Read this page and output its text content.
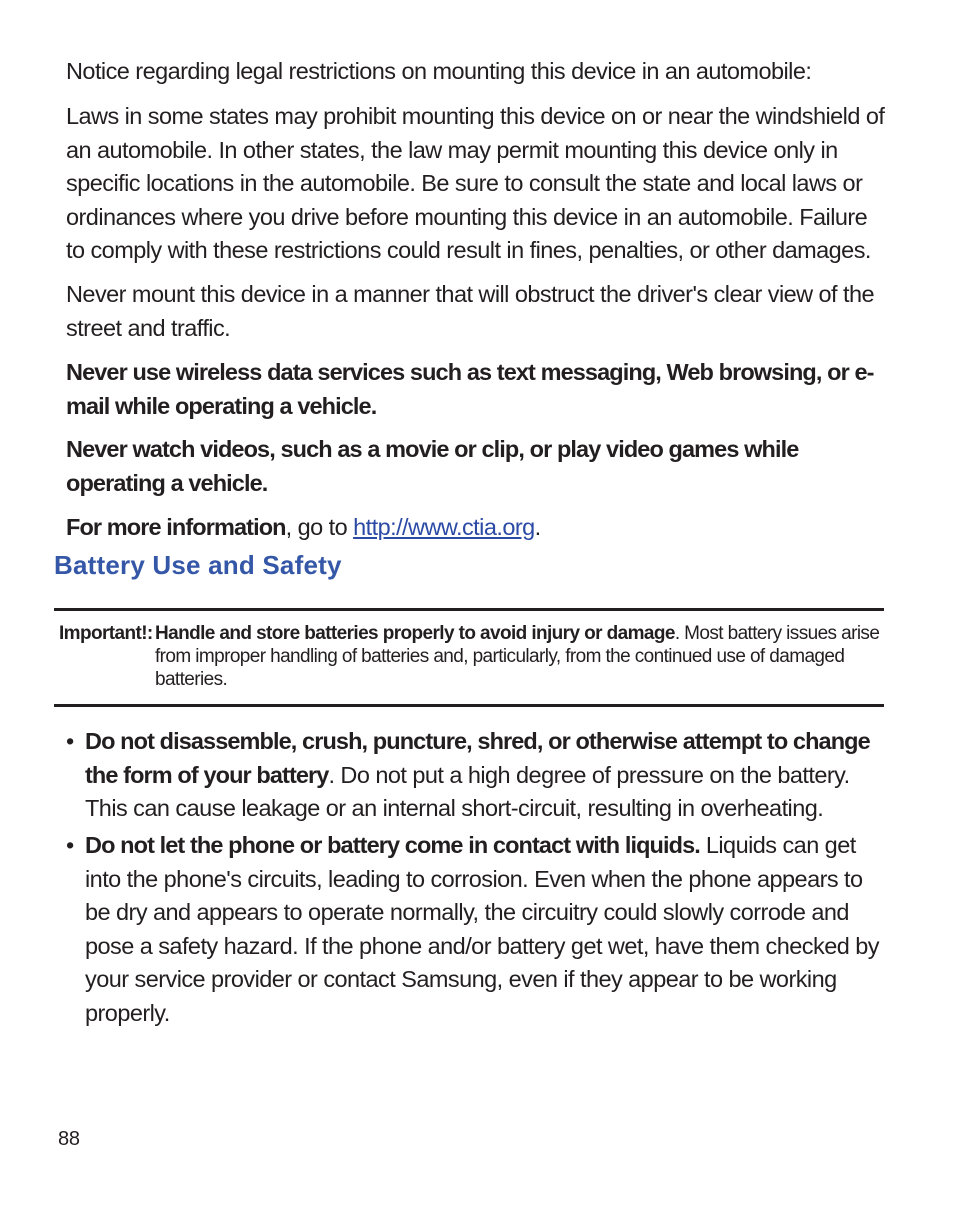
Notice regarding legal restrictions on mounting this device in an automobile:

Laws in some states may prohibit mounting this device on or near the windshield of an automobile. In other states, the law may permit mounting this device only in specific locations in the automobile. Be sure to consult the state and local laws or ordinances where you drive before mounting this device in an automobile. Failure to comply with these restrictions could result in fines, penalties, or other damages.

Never mount this device in a manner that will obstruct the driver's clear view of the street and traffic.

Never use wireless data services such as text messaging, Web browsing, or e-mail while operating a vehicle.

Never watch videos, such as a movie or clip, or play video games while operating a vehicle.

For more information, go to http://www.ctia.org.

Battery Use and Safety
Important!: Handle and store batteries properly to avoid injury or damage. Most battery issues arise from improper handling of batteries and, particularly, from the continued use of damaged batteries.
• Do not disassemble, crush, puncture, shred, or otherwise attempt to change the form of your battery. Do not put a high degree of pressure on the battery. This can cause leakage or an internal short-circuit, resulting in overheating.
• Do not let the phone or battery come in contact with liquids. Liquids can get into the phone's circuits, leading to corrosion. Even when the phone appears to be dry and appears to operate normally, the circuitry could slowly corrode and pose a safety hazard. If the phone and/or battery get wet, have them checked by your service provider or contact Samsung, even if they appear to be working properly.
88
